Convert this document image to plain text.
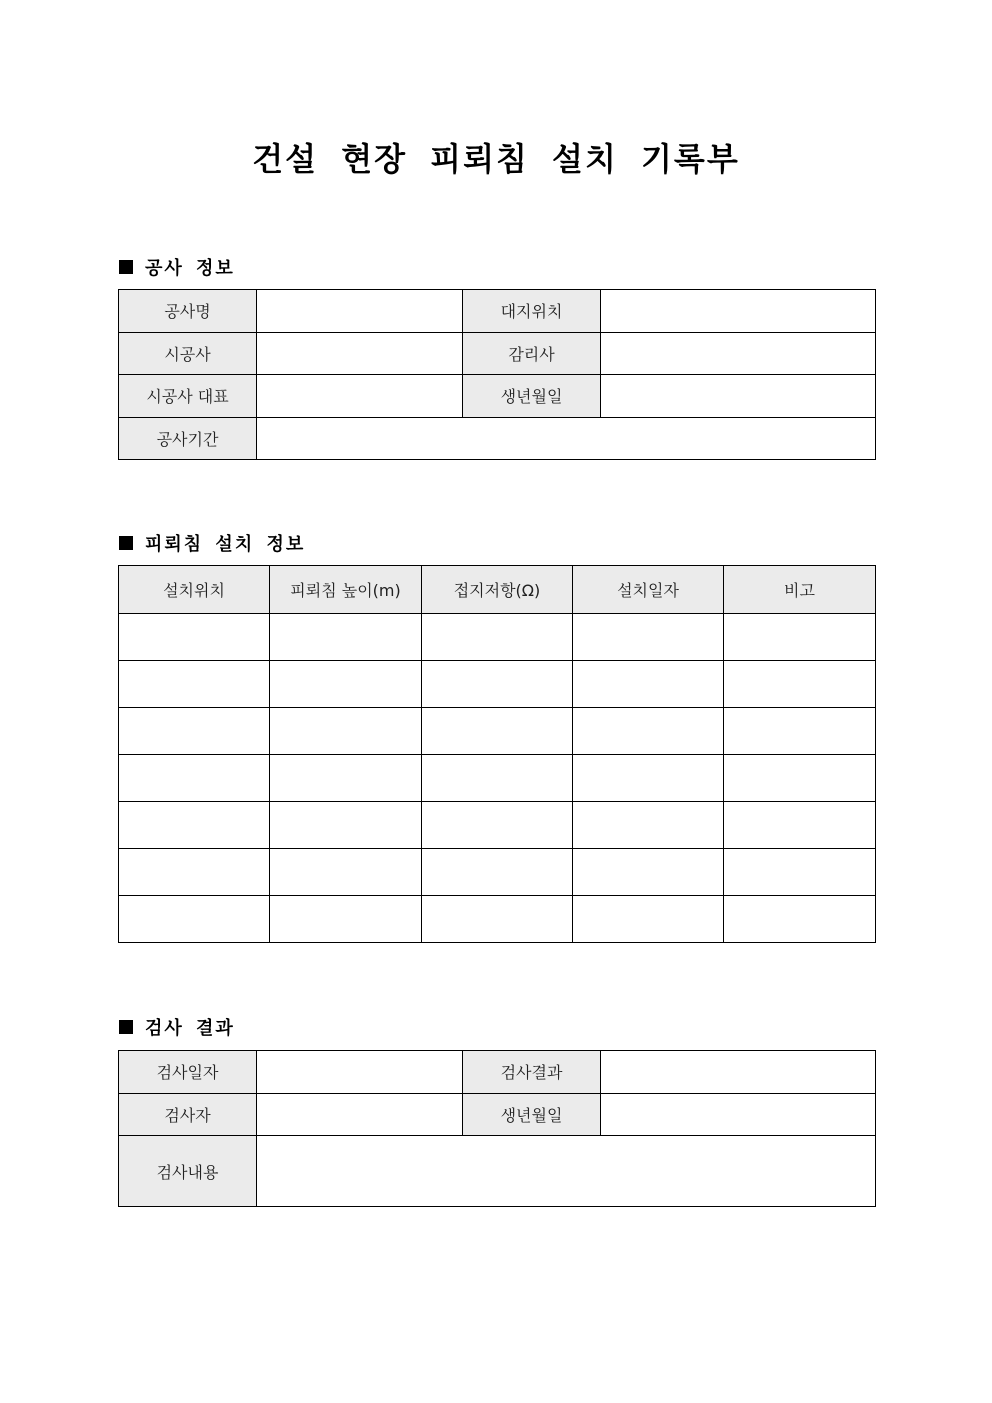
건설 현장 피뢰침 설치 기록부
공사 정보
공사명		대지위치	
시공사		감리사	
시공사 대표		생년월일	
공사기간			
피뢰침 설치 정보
설치위치	피뢰침 높이(m)	접지저항(Ω)	설치일자	비고

검사 결과
검사일자		검사결과	
검사자		생년월일	
검사내용			
